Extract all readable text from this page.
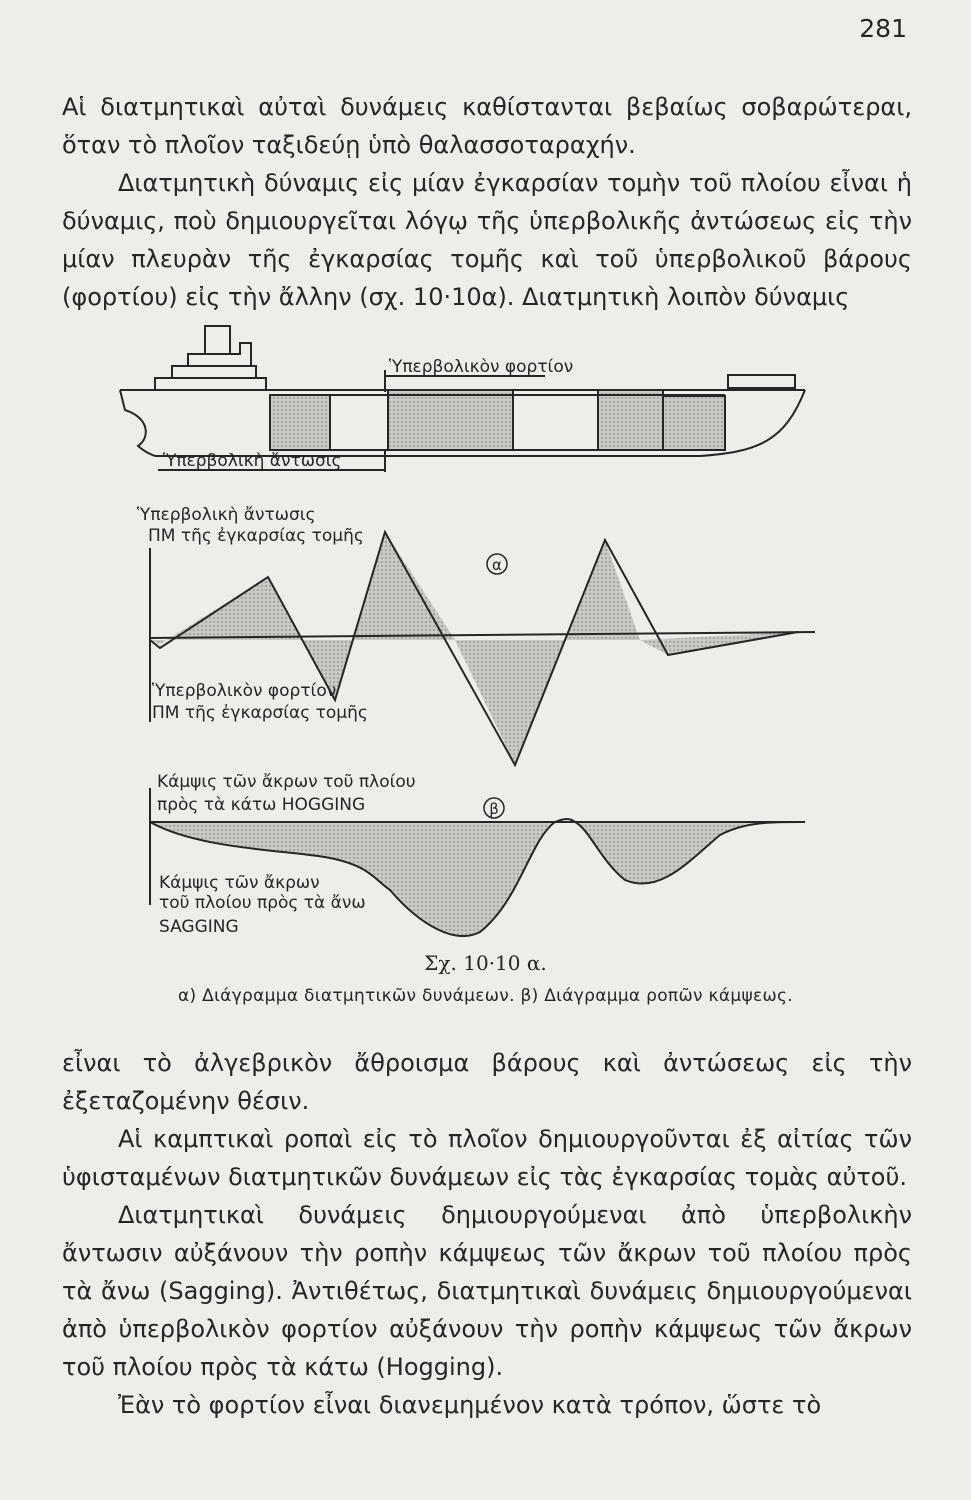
281

Αἱ διατμητικαὶ αὐταὶ δυνάμεις καθίστανται βεβαίως σοβαρώτεραι, ὅταν τὸ πλοῖον ταξιδεύῃ ὑπὸ θαλασσοταραχήν.

Διατμητικὴ δύναμις εἰς μίαν ἐγκαρσίαν τομὴν τοῦ πλοίου εἶναι ἡ δύναμις, ποὺ δημιουργεῖται λόγῳ τῆς ὑπερβολικῆς ἀντώσεως εἰς τὴν μίαν πλευρὰν τῆς ἐγκαρσίας τομῆς καὶ τοῦ ὑπερβολικοῦ βάρους (φορτίου) εἰς τὴν ἄλλην (σχ. 10·10α). Διατμητικὴ λοιπὸν δύναμις

Ὑπερβολικὸν φορτίον
Ὑπερβολικὴ ἄντωσις
Ὑπερβολικὴ ἄντωσις
ΠΜ τῆς ἐγκαρσίας τομῆς
Ὑπερβολικὸν φορτίον
ΠΜ τῆς ἐγκαρσίας τομῆς
α
Κάμψις τῶν ἄκρων τοῦ πλοίου
πρὸς τὰ κάτω HOGGING
Κάμψις τῶν ἄκρων
τοῦ πλοίου πρὸς τὰ ἄνω
SAGGING
β
Σχ. 10·10 α.
α) Διάγραμμα διατμητικῶν δυνάμεων. β) Διάγραμμα ροπῶν κάμψεως.

εἶναι τὸ ἀλγεβρικὸν ἄθροισμα βάρους καὶ ἀντώσεως εἰς τὴν ἐξεταζομένην θέσιν.

Αἱ καμπτικαὶ ροπαὶ εἰς τὸ πλοῖον δημιουργοῦνται ἐξ αἰτίας τῶν ὑφισταμένων διατμητικῶν δυνάμεων εἰς τὰς ἐγκαρσίας τομὰς αὐτοῦ.

Διατμητικαὶ δυνάμεις δημιουργούμεναι ἀπὸ ὑπερβολικὴν ἄντωσιν αὐξάνουν τὴν ροπὴν κάμψεως τῶν ἄκρων τοῦ πλοίου πρὸς τὰ ἄνω (Sagging). Ἀντιθέτως, διατμητικαὶ δυνάμεις δημιουργούμεναι ἀπὸ ὑπερβολικὸν φορτίον αὐξάνουν τὴν ροπὴν κάμψεως τῶν ἄκρων τοῦ πλοίου πρὸς τὰ κάτω (Hogging).

Ἐὰν τὸ φορτίον εἶναι διανεμημένον κατὰ τρόπον, ὥστε τὸ
